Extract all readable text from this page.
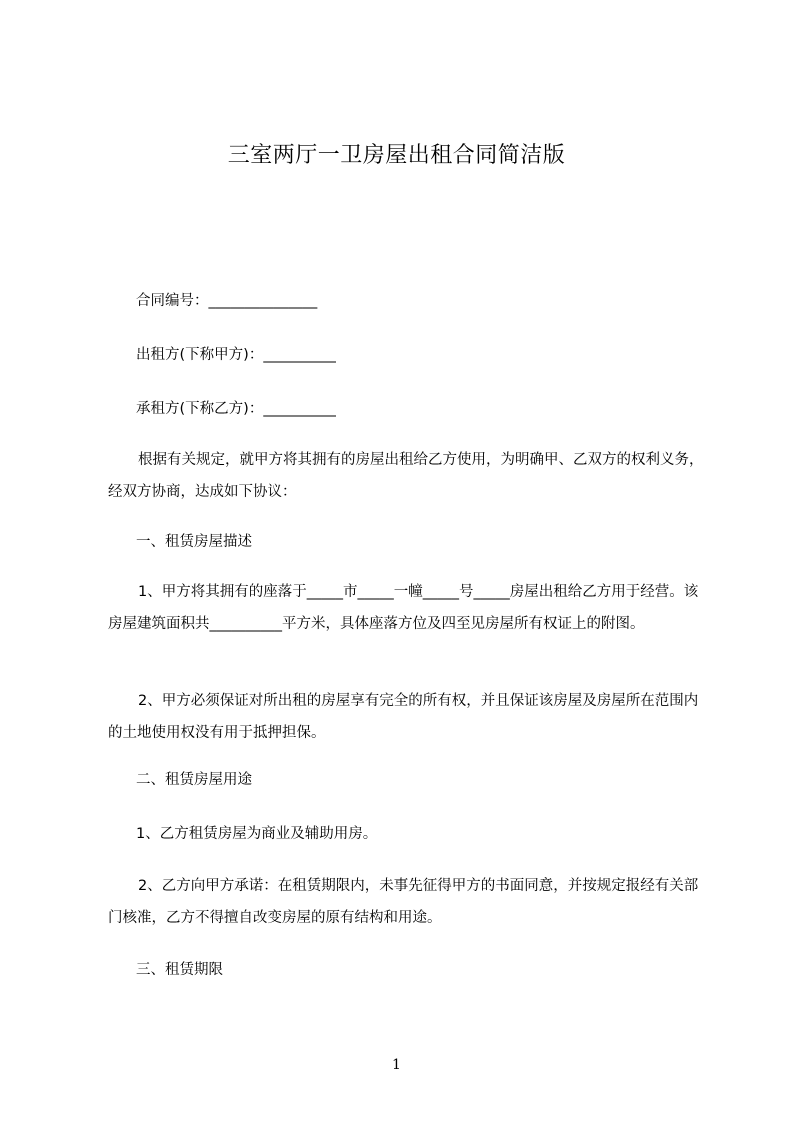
三室两厅一卫房屋出租合同简洁版
合同编号：_______________
出租方(下称甲方)：__________
承租方(下称乙方)：__________
根据有关规定，就甲方将其拥有的房屋出租给乙方使用，为明确甲、乙双方的权利义务，经双方协商，达成如下协议：
一、租赁房屋描述
1、甲方将其拥有的座落于_____市_____一幢_____号_____房屋出租给乙方用于经营。该房屋建筑面积共__________平方米，具体座落方位及四至见房屋所有权证上的附图。
2、甲方必须保证对所出租的房屋享有完全的所有权，并且保证该房屋及房屋所在范围内的土地使用权没有用于抵押担保。
二、租赁房屋用途
1、乙方租赁房屋为商业及辅助用房。
2、乙方向甲方承诺：在租赁期限内，未事先征得甲方的书面同意，并按规定报经有关部门核准，乙方不得擅自改变房屋的原有结构和用途。
三、租赁期限
1
